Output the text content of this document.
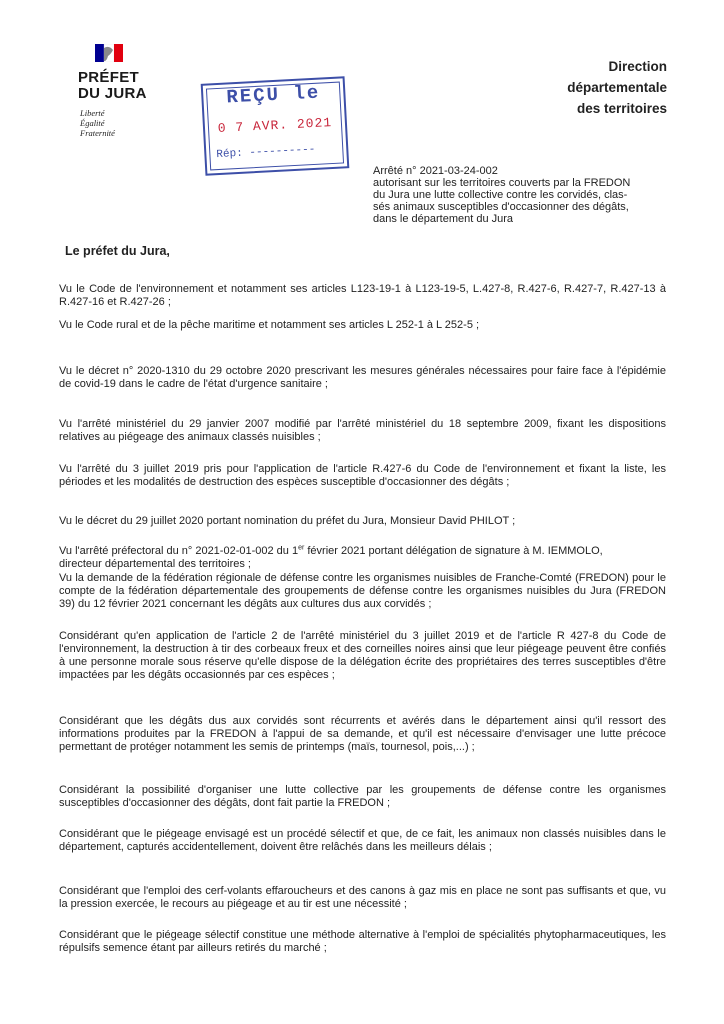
PRÉFET
DU JURA
Liberté
Égalité
Fraternité
REÇU le
0 7 AVR. 2021
Rép: ----------
Direction
départementale
des territoires
Arrêté n° 2021-03-24-002
autorisant sur les territoires couverts par la FREDON
du Jura une lutte collective contre les corvidés, clas-
sés animaux susceptibles d'occasionner des dégâts,
dans le département du Jura
Le préfet du Jura,
Vu le Code de l'environnement et notamment ses articles L123-19-1 à L123-19-5, L.427-8, R.427-6, R.427-7, R.427-13 à R.427-16 et R.427-26 ;
Vu le Code rural et de la pêche maritime et notamment ses articles L 252-1 à L 252-5 ;
Vu le décret n° 2020-1310 du 29 octobre 2020 prescrivant les mesures générales nécessaires pour faire face à l'épidémie de covid-19 dans le cadre de l'état d'urgence sanitaire ;
Vu l'arrêté ministériel du 29 janvier 2007 modifié par l'arrêté ministériel du 18 septembre 2009, fixant les dispositions relatives au piégeage des animaux classés nuisibles ;
Vu l'arrêté du 3 juillet 2019 pris pour l'application de l'article R.427-6 du Code de l'environnement et fixant la liste, les périodes et les modalités de destruction des espèces susceptible d'occasionner des dégâts ;
Vu le décret du 29 juillet 2020 portant nomination du préfet du Jura, Monsieur David PHILOT ;
Vu l'arrêté préfectoral du n° 2021-02-01-002 du 1er février 2021 portant délégation de signature à M. IEMMOLO,
directeur départemental des territoires ;
Vu la demande de la fédération régionale de défense contre les organismes nuisibles de Franche-Comté (FREDON) pour le compte de la fédération départementale des groupements de défense contre les organismes nuisibles du Jura (FREDON 39) du 12 février 2021 concernant les dégâts aux cultures dus aux corvidés ;
Considérant qu'en application de l'article 2 de l'arrêté ministériel du 3 juillet 2019 et de l'article R 427-8 du Code de l'environnement, la destruction à tir des corbeaux freux et des corneilles noires ainsi que leur piégeage peuvent être confiés à une personne morale sous réserve qu'elle dispose de la délégation écrite des propriétaires des terres susceptibles d'être impactées par les dégâts occasionnés par ces espèces ;
Considérant que les dégâts dus aux corvidés sont récurrents et avérés dans le département ainsi qu'il ressort des informations produites par la FREDON à l'appui de sa demande, et qu'il est nécessaire d'envisager une lutte précoce permettant de protéger notamment les semis de printemps (maïs, tournesol, pois,...) ;
Considérant la possibilité d'organiser une lutte collective par les groupements de défense contre les organismes susceptibles d'occasionner des dégâts, dont fait partie la FREDON ;
Considérant que le piégeage envisagé est un procédé sélectif et que, de ce fait, les animaux non classés nuisibles dans le département, capturés accidentellement, doivent être relâchés dans les meilleurs délais ;
Considérant que l'emploi des cerf-volants effaroucheurs et des canons à gaz mis en place ne sont pas suffisants et que, vu la pression exercée, le recours au piégeage et au tir est une nécessité ;
Considérant que le piégeage sélectif constitue une méthode alternative à l'emploi de spécialités phytopharmaceutiques, les répulsifs semence étant par ailleurs retirés du marché ;
